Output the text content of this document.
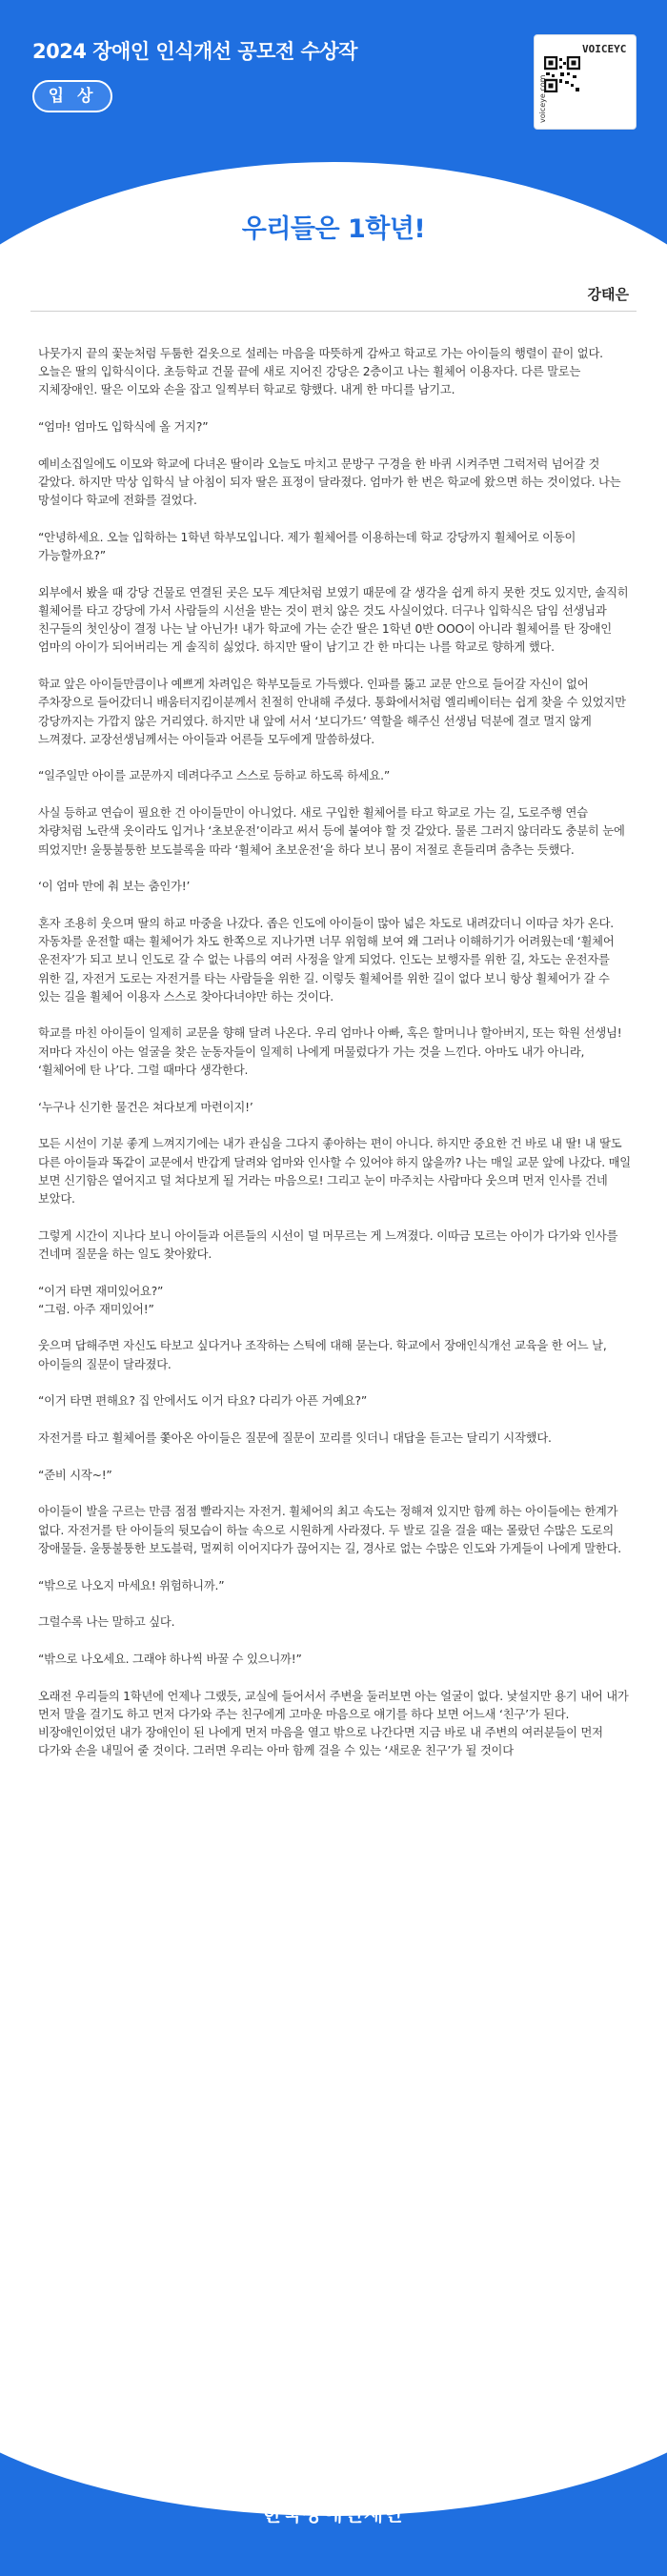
2024 장애인 인식개선 공모전 수상작
입 상
VOICEYC
voiceye.com
우리들은 1학년!
강태은

나뭇가지 끝의 꽃눈처럼 두툼한 겉옷으로 설레는 마음을 따뜻하게 감싸고 학교로 가는 아이들의 행렬이 끝이 없다. 오늘은 딸의 입학식이다. 초등학교 건물 끝에 새로 지어진 강당은 2층이고 나는 휠체어 이용자다. 다른 말로는 지체장애인. 딸은 이모와 손을 잡고 일찍부터 학교로 향했다. 내게 한 마디를 남기고.

“엄마! 엄마도 입학식에 올 거지?”

예비소집일에도 이모와 학교에 다녀온 딸이라 오늘도 마치고 문방구 구경을 한 바퀴 시켜주면 그럭저럭 넘어갈 것 같았다. 하지만 막상 입학식 날 아침이 되자 딸은 표정이 달라졌다. 엄마가 한 번은 학교에 왔으면 하는 것이었다. 나는 망설이다 학교에 전화를 걸었다.

“안녕하세요. 오늘 입학하는 1학년 학부모입니다. 제가 휠체어를 이용하는데 학교 강당까지 휠체어로 이동이 가능할까요?”

외부에서 봤을 때 강당 건물로 연결된 곳은 모두 계단처럼 보였기 때문에 갈 생각을 쉽게 하지 못한 것도 있지만, 솔직히 휠체어를 타고 강당에 가서 사람들의 시선을 받는 것이 편치 않은 것도 사실이었다. 더구나 입학식은 담임 선생님과 친구들의 첫인상이 결정 나는 날 아닌가! 내가 학교에 가는 순간 딸은 1학년 0반 OOO이 아니라 휠체어를 탄 장애인 엄마의 아이가 되어버리는 게 솔직히 싫었다. 하지만 딸이 남기고 간 한 마디는 나를 학교로 향하게 했다.

학교 앞은 아이들만큼이나 예쁘게 차려입은 학부모들로 가득했다. 인파를 뚫고 교문 안으로 들어갈 자신이 없어 주차장으로 들어갔더니 배움터지킴이분께서 친절히 안내해 주셨다. 통화에서처럼 엘리베이터는 쉽게 찾을 수 있었지만 강당까지는 가깝지 않은 거리였다. 하지만 내 앞에 서서 ‘보디가드’ 역할을 해주신 선생님 덕분에 결코 멀지 않게 느껴졌다. 교장선생님께서는 아이들과 어른들 모두에게 말씀하셨다.

“일주일만 아이를 교문까지 데려다주고 스스로 등하교 하도록 하세요.”

사실 등하교 연습이 필요한 건 아이들만이 아니었다. 새로 구입한 휠체어를 타고 학교로 가는 길, 도로주행 연습 차량처럼 노란색 옷이라도 입거나 ‘초보운전’이라고 써서 등에 붙여야 할 것 같았다. 물론 그러지 않더라도 충분히 눈에 띄었지만! 울퉁불퉁한 보도블록을 따라 ‘휠체어 초보운전’을 하다 보니 몸이 저절로 흔들리며 춤추는 듯했다.

‘이 엄마 만에 춰 보는 춤인가!’

혼자 조용히 웃으며 딸의 하교 마중을 나갔다. 좁은 인도에 아이들이 많아 넓은 차도로 내려갔더니 이따금 차가 온다. 자동차를 운전할 때는 휠체어가 차도 한쪽으로 지나가면 너무 위험해 보여 왜 그러나 이해하기가 어려웠는데 ‘휠체어 운전자’가 되고 보니 인도로 갈 수 없는 나름의 여러 사정을 알게 되었다. 인도는 보행자를 위한 길, 차도는 운전자를 위한 길, 자전거 도로는 자전거를 타는 사람들을 위한 길. 이렇듯 휠체어를 위한 길이 없다 보니 항상 휠체어가 갈 수 있는 길을 휠체어 이용자 스스로 찾아다녀야만 하는 것이다.

학교를 마친 아이들이 일제히 교문을 향해 달려 나온다. 우리 엄마나 아빠, 혹은 할머니나 할아버지, 또는 학원 선생님! 저마다 자신이 아는 얼굴을 찾은 눈동자들이 일제히 나에게 머물렀다가 가는 것을 느낀다. 아마도 내가 아니라, ‘휠체어에 탄 나’다. 그럴 때마다 생각한다.

‘누구나 신기한 물건은 쳐다보게 마련이지!’

모든 시선이 기분 좋게 느껴지기에는 내가 관심을 그다지 좋아하는 편이 아니다. 하지만 중요한 건 바로 내 딸! 내 딸도 다른 아이들과 똑같이 교문에서 반갑게 달려와 엄마와 인사할 수 있어야 하지 않을까? 나는 매일 교문 앞에 나갔다. 매일 보면 신기함은 옅어지고 덜 쳐다보게 될 거라는 마음으로! 그리고 눈이 마주치는 사람마다 웃으며 먼저 인사를 건네 보았다.

그렇게 시간이 지나다 보니 아이들과 어른들의 시선이 덜 머무르는 게 느껴졌다. 이따금 모르는 아이가 다가와 인사를 건네며 질문을 하는 일도 찾아왔다.

“이거 타면 재미있어요?”

“그럼. 아주 재미있어!”

웃으며 답해주면 자신도 타보고 싶다거나 조작하는 스틱에 대해 묻는다. 학교에서 장애인식개선 교육을 한 어느 날, 아이들의 질문이 달라졌다.

“이거 타면 편해요? 집 안에서도 이거 타요? 다리가 아픈 거예요?”

자전거를 타고 휠체어를 쫓아온 아이들은 질문에 질문이 꼬리를 잇더니 대답을 듣고는 달리기 시작했다.

“준비 시작~!”

아이들이 발을 구르는 만큼 점점 빨라지는 자전거. 휠체어의 최고 속도는 정해져 있지만 함께 하는 아이들에는 한계가 없다. 자전거를 탄 아이들의 뒷모습이 하늘 속으로 시원하게 사라졌다. 두 발로 길을 걸을 때는 몰랐던 수많은 도로의 장애물들. 울퉁불퉁한 보도블럭, 멀찌히 이어지다가 끊어지는 길, 경사로 없는 수많은 인도와 가게들이 나에게 말한다.

“밖으로 나오지 마세요! 위험하니까.”

그럴수록 나는 말하고 싶다.

“밖으로 나오세요. 그래야 하나씩 바꿀 수 있으니까!”

오래전 우리들의 1학년에 언제나 그랬듯, 교실에 들어서서 주변을 둘러보면 아는 얼굴이 없다. 낯설지만 용기 내어 내가 먼저 말을 걸기도 하고 먼저 다가와 주는 친구에게 고마운 마음으로 얘기를 하다 보면 어느새 ‘친구’가 된다. 비장애인이었던 내가 장애인이 된 나에게 먼저 마음을 열고 밖으로 나간다면 지금 바로 내 주변의 여러분들이 먼저 다가와 손을 내밀어 줄 것이다. 그러면 우리는 아마 함께 걸을 수 있는 ‘새로운 친구’가 될 것이다

한국장애인재단
